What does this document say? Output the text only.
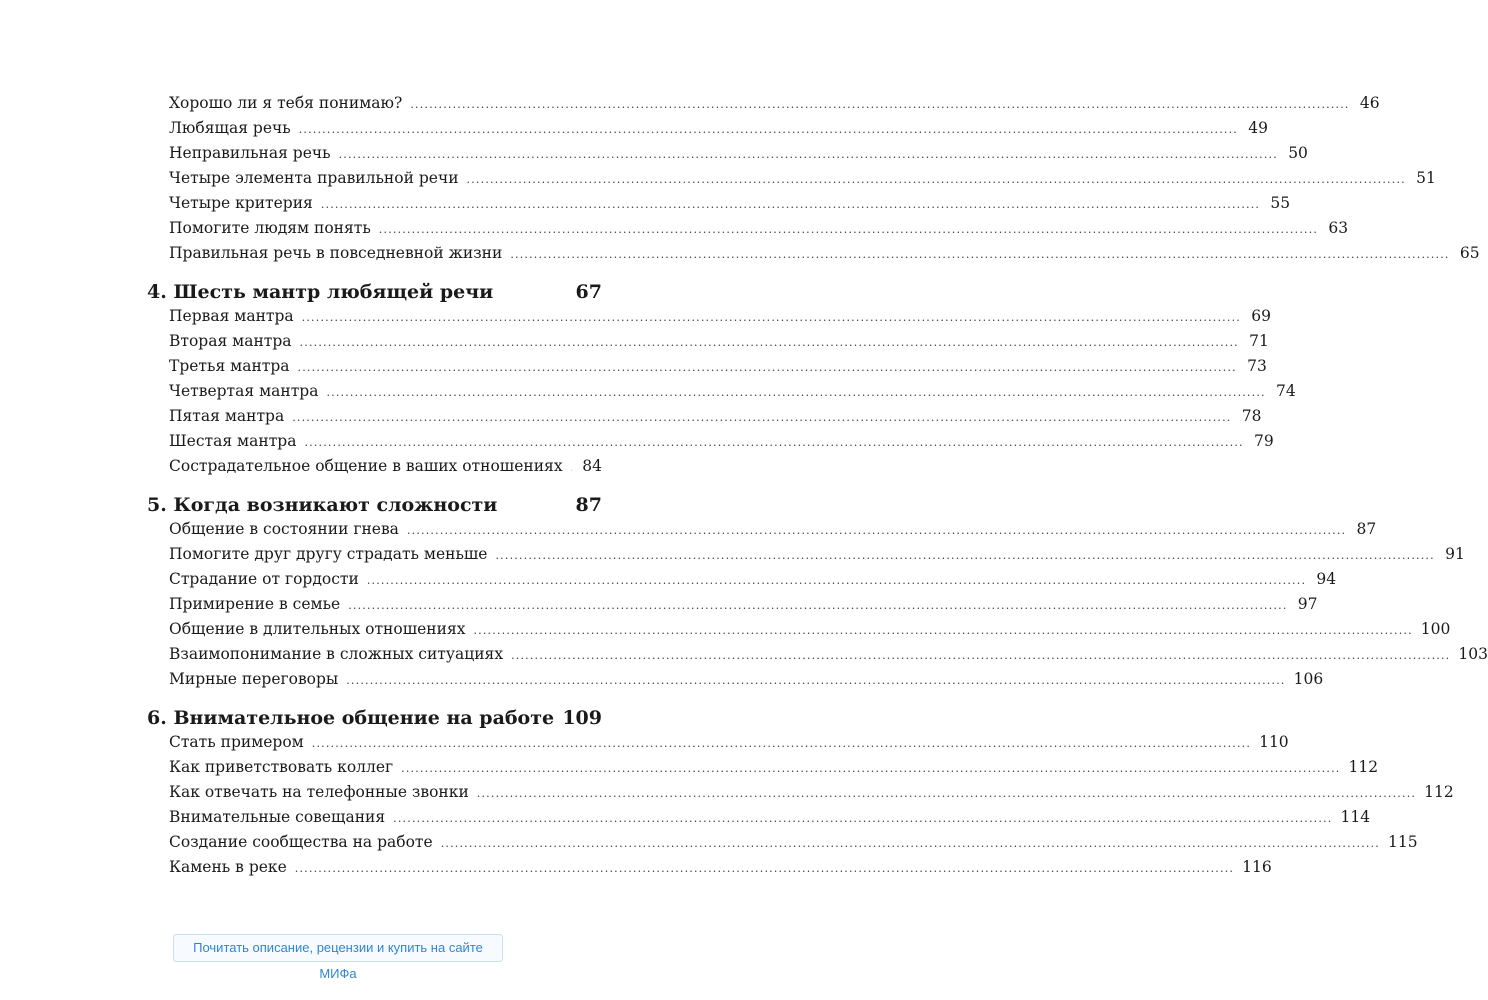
Хорошо ли я тебя понимаю? ........................................................................................................................................................................................................ 46
Любящая речь ........................................................................................................................................................................................................ 49
Неправильная речь ........................................................................................................................................................................................................ 50
Четыре элемента правильной речи ........................................................................................................................................................................................................ 51
Четыре критерия ........................................................................................................................................................................................................ 55
Помогите людям понять ........................................................................................................................................................................................................ 63
Правильная речь в повседневной жизни ........................................................................................................................................................................................................ 65
4. Шесть мантр любящей речи	67
Первая мантра ........................................................................................................................................................................................................ 69
Вторая мантра ........................................................................................................................................................................................................ 71
Третья мантра ........................................................................................................................................................................................................ 73
Четвертая мантра ........................................................................................................................................................................................................ 74
Пятая мантра ........................................................................................................................................................................................................ 78
Шестая мантра ........................................................................................................................................................................................................ 79
Сострадательное общение в ваших отношениях 84
5. Когда возникают сложности	87
Общение в состоянии гнева ........................................................................................................................................................................................................ 87
Помогите друг другу страдать меньше ........................................................................................................................................................................................................ 91
Страдание от гордости ........................................................................................................................................................................................................ 94
Примирение в семье ........................................................................................................................................................................................................ 97
Общение в длительных отношениях ........................................................................................................................................................................................................ 100
Взаимопонимание в сложных ситуациях ........................................................................................................................................................................................................ 103
Мирные переговоры ........................................................................................................................................................................................................ 106
6. Внимательное общение на работе 109
Стать примером ........................................................................................................................................................................................................ 110
Как приветствовать коллег ........................................................................................................................................................................................................ 112
Как отвечать на телефонные звонки ........................................................................................................................................................................................................ 112
Внимательные совещания ........................................................................................................................................................................................................ 114
Создание сообщества на работе ........................................................................................................................................................................................................ 115
Камень в реке ........................................................................................................................................................................................................ 116
Почитать описание, рецензии и купить на сайте МИФа
